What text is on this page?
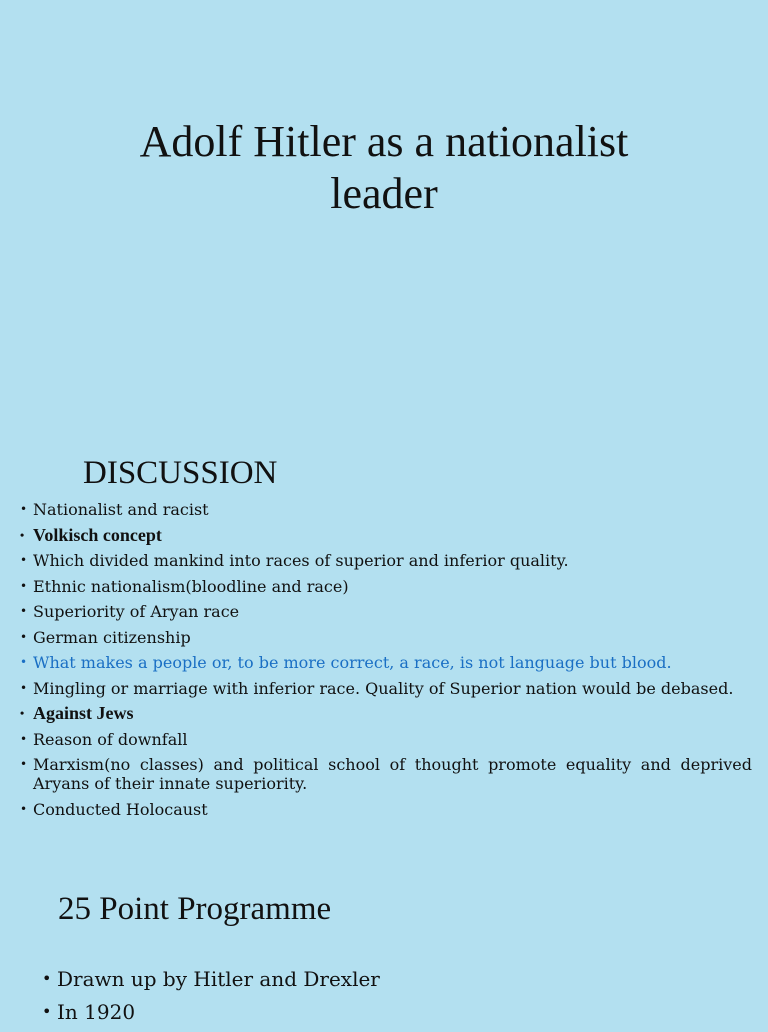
Adolf Hitler as a nationalist
leader
DISCUSSION
• Nationalist and racist
• Volkisch concept
• Which divided mankind into races of superior and inferior quality.
• Ethnic nationalism(bloodline and race)
• Superiority of Aryan race
• German citizenship
• What makes a people or, to be more correct, a race, is not language but blood.
• Mingling or marriage with inferior race. Quality of Superior nation would be debased.
• Against Jews
• Reason of downfall
• Marxism(no classes) and political school of thought promote equality and deprived Aryans of their innate superiority.
• Conducted Holocaust
25 Point Programme
• Drawn up by Hitler and Drexler
• In 1920
